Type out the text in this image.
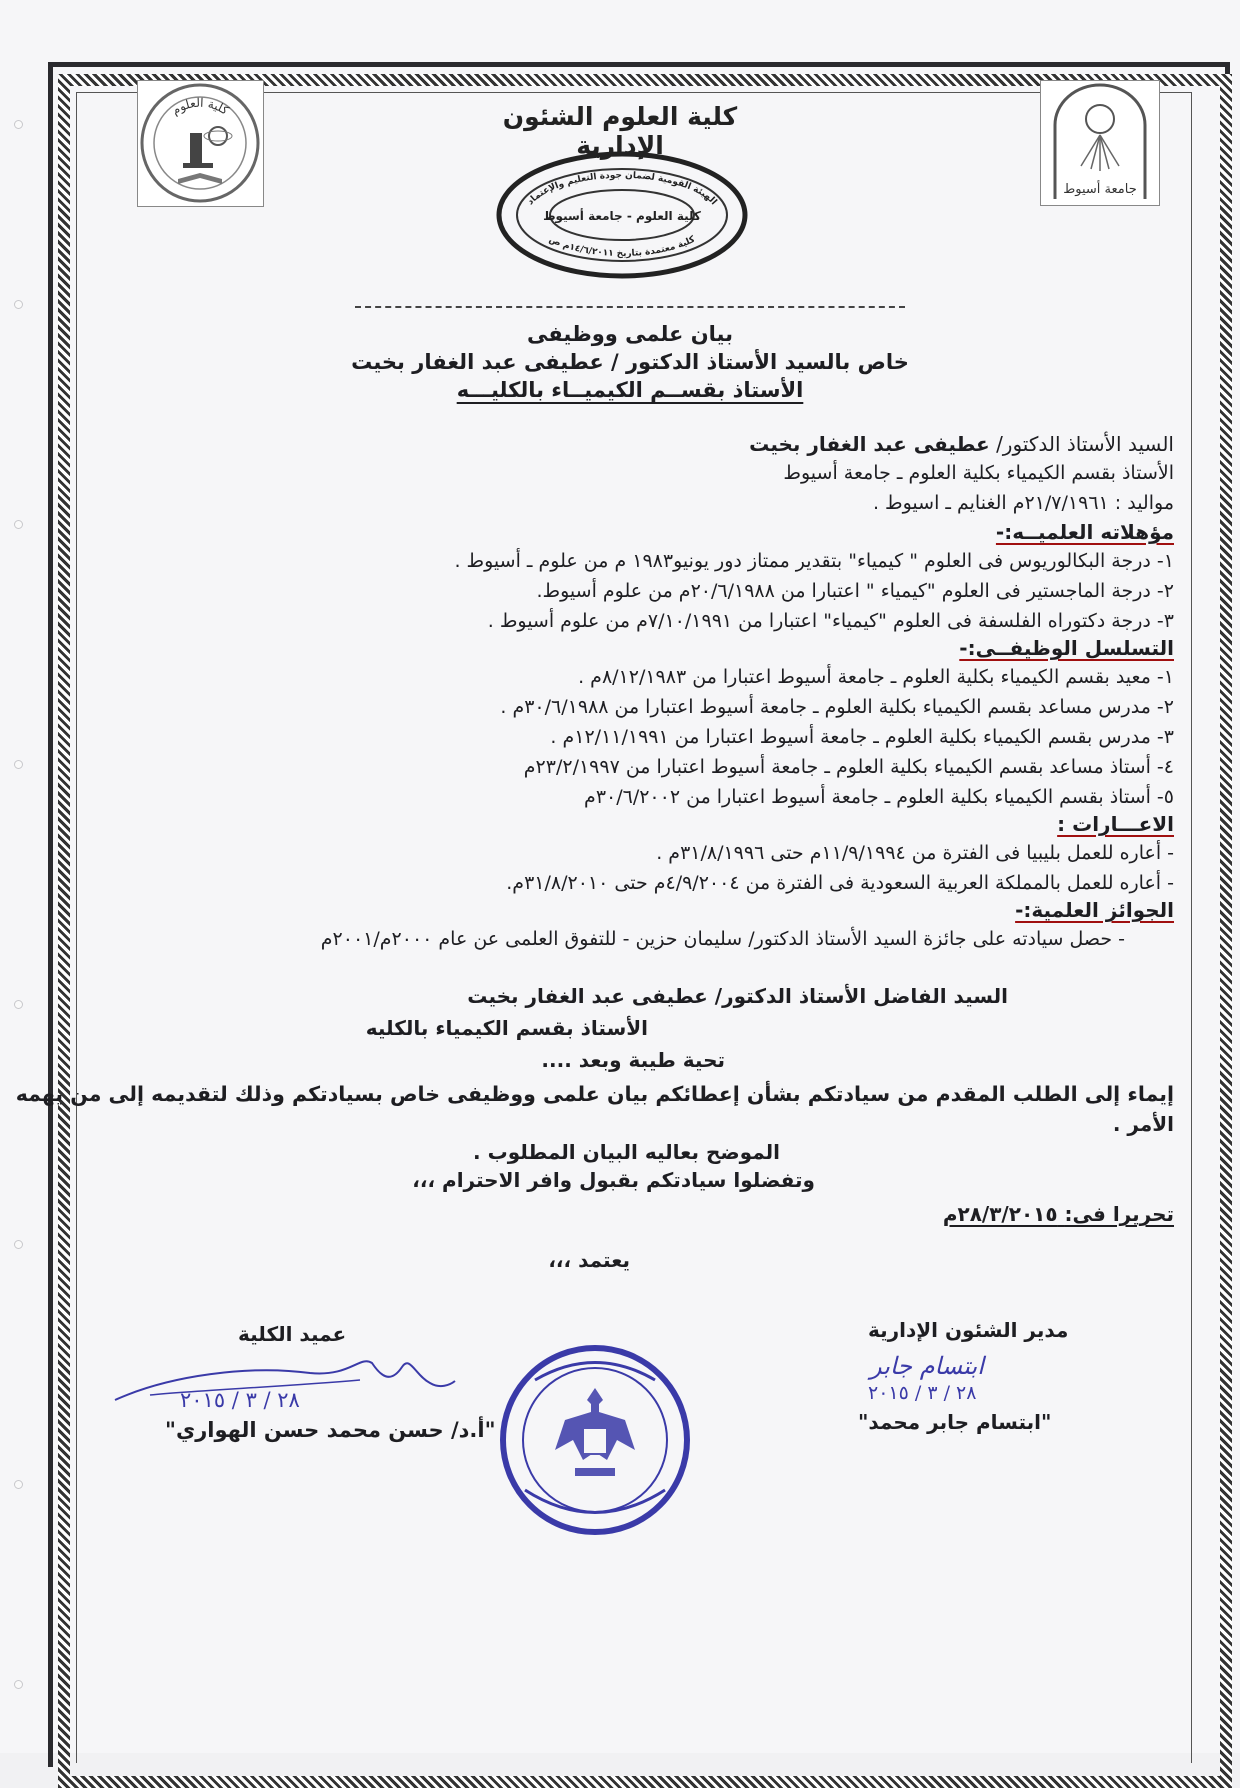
كلية العلوم
جامعة أسيوط
كلية العلوم الشئون الإدارية
الهيئة القومية لضمان جودة التعليم والإعتماد
كلية معتمدة بتاريخ ١٤/٦/٢٠١١م ص
كلية العلوم - جامعة أسيوط
بيان علمى ووظيفى
خاص بالسيد الأستاذ الدكتور / عطيفى عبد الغفار بخيت
الأستاذ بقســم الكيميــاء بالكليـــه
السيد الأستاذ الدكتور/ عطيفى عبد الغفار بخيت
الأستاذ بقسم الكيمياء بكلية العلوم ـ جامعة أسيوط
مواليد : ٢١/٧/١٩٦١م الغنايم ـ اسيوط .
مؤهلاته العلميــه:-
١- درجة البكالوريوس فى العلوم " كيمياء" بتقدير ممتاز دور يونيو١٩٨٣ م من علوم ـ أسيوط .
٢- درجة الماجستير فى العلوم "كيمياء " اعتبارا من ٢٠/٦/١٩٨٨م من علوم أسيوط.
٣- درجة دكتوراه الفلسفة فى العلوم "كيمياء" اعتبارا من ٧/١٠/١٩٩١م من علوم أسيوط .
التسلسل الوظيفــى:-
١- معيد بقسم الكيمياء بكلية العلوم ـ جامعة أسيوط اعتبارا من ٨/١٢/١٩٨٣م .
٢- مدرس مساعد بقسم الكيمياء بكلية العلوم ـ جامعة أسيوط اعتبارا من ٣٠/٦/١٩٨٨م .
٣- مدرس بقسم الكيمياء بكلية العلوم ـ جامعة أسيوط اعتبارا من ١٢/١١/١٩٩١م .
٤- أستاذ مساعد بقسم الكيمياء بكلية العلوم ـ جامعة أسيوط اعتبارا من ٢٣/٢/١٩٩٧م
٥- أستاذ بقسم الكيمياء بكلية العلوم ـ جامعة أسيوط اعتبارا من ٣٠/٦/٢٠٠٢م
الاعـــارات :
- أعاره للعمل بليبيا فى الفترة من ١١/٩/١٩٩٤م حتى ٣١/٨/١٩٩٦م .
- أعاره للعمل بالمملكة العربية السعودية فى الفترة من ٤/٩/٢٠٠٤م حتى ٣١/٨/٢٠١٠م.
الجوائز العلمية:-
- حصل سيادته على جائزة السيد الأستاذ الدكتور/ سليمان حزين - للتفوق العلمى عن عام ٢٠٠٠م/٢٠٠١م
السيد الفاضل الأستاذ الدكتور/ عطيفى عبد الغفار بخيت
الأستاذ بقسم الكيمياء بالكليه
تحية طيبة وبعد ....
إيماء إلى الطلب المقدم من سيادتكم بشأن إعطائكم بيان علمى ووظيفى خاص بسيادتكم وذلك لتقديمه إلى من يهمه
الأمر .
الموضح بعاليه البيان المطلوب .
وتفضلوا سيادتكم بقبول وافر الاحترام ،،،
تحريرا فى: ٢٨/٣/٢٠١٥م
يعتمد ،،،
عميد الكلية
٢٨ / ٣ / ٢٠١٥
"أ.د/ حسن محمد حسن الهواري"
مدير الشئون الإدارية
ابتسام جابر
٢٨ / ٣ / ٢٠١٥
"ابتسام جابر محمد"
